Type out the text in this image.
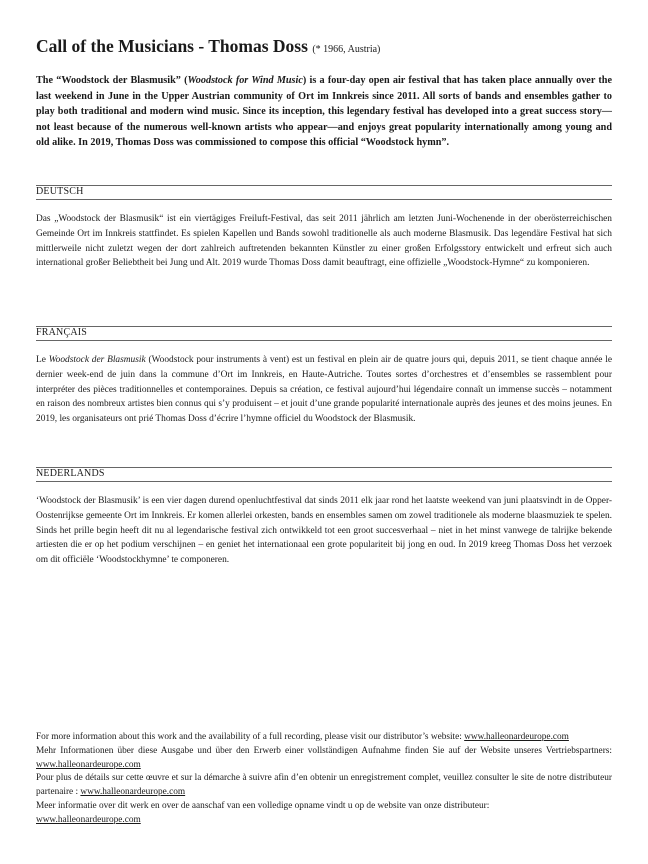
Call of the Musicians - Thomas Doss (* 1966, Austria)

The “Woodstock der Blasmusik” (Woodstock for Wind Music) is a four-day open air festival that has taken place annually over the last weekend in June in the Upper Austrian community of Ort im Innkreis since 2011. All sorts of bands and ensembles gather to play both traditional and modern wind music. Since its inception, this legendary festival has developed into a great success story—not least because of the numerous well-known artists who appear—and enjoys great popularity internationally among young and old alike. In 2019, Thomas Doss was commissioned to compose this official “Woodstock hymn”.

DEUTSCH
Das „Woodstock der Blasmusik“ ist ein viertägiges Freiluft-Festival, das seit 2011 jährlich am letzten Juni-Wochenende in der oberösterreichischen Gemeinde Ort im Innkreis stattfindet. Es spielen Kapellen und Bands sowohl traditionelle als auch moderne Blasmusik. Das legendäre Festival hat sich mittlerweile nicht zuletzt wegen der dort zahlreich auftretenden bekannten Künstler zu einer großen Erfolgsstory entwickelt und erfreut sich auch international großer Beliebtheit bei Jung und Alt. 2019 wurde Thomas Doss damit beauftragt, eine offizielle „Woodstock-Hymne“ zu komponieren.
FRANÇAIS
Le Woodstock der Blasmusik (Woodstock pour instruments à vent) est un festival en plein air de quatre jours qui, depuis 2011, se tient chaque année le dernier week-end de juin dans la commune d’Ort im Innkreis, en Haute-Autriche. Toutes sortes d’orchestres et d’ensembles se rassemblent pour interpréter des pièces traditionnelles et contemporaines. Depuis sa création, ce festival aujourd’hui légendaire connaît un immense succès – notamment en raison des nombreux artistes bien connus qui s’y produisent – et jouit d’une grande popularité internationale auprès des jeunes et des moins jeunes. En 2019, les organisateurs ont prié Thomas Doss d’écrire l’hymne officiel du Woodstock der Blasmusik.
NEDERLANDS
‘Woodstock der Blasmusik’ is een vier dagen durend openluchtfestival dat sinds 2011 elk jaar rond het laatste weekend van juni plaatsvindt in de Opper-Oostenrijkse gemeente Ort im Innkreis. Er komen allerlei orkesten, bands en ensembles samen om zowel traditionele als moderne blaasmuziek te spelen. Sinds het prille begin heeft dit nu al legendarische festival zich ontwikkeld tot een groot succesverhaal – niet in het minst vanwege de talrijke bekende artiesten die er op het podium verschijnen – en geniet het internationaal een grote populariteit bij jong en oud. In 2019 kreeg Thomas Doss het verzoek om dit officiële ‘Woodstockhymne’ te componeren.
For more information about this work and the availability of a full recording, please visit our distributor’s website: www.halleonardeurope.com
Mehr Informationen über diese Ausgabe und über den Erwerb einer vollständigen Aufnahme finden Sie auf der Website unseres Vertriebspartners: www.halleonardeurope.com
Pour plus de détails sur cette œuvre et sur la démarche à suivre afin d’en obtenir un enregistrement complet, veuillez consulter le site de notre distributeur partenaire : www.halleonardeurope.com
Meer informatie over dit werk en over de aanschaf van een volledige opname vindt u op de website van onze distributeur:
www.halleonardeurope.com
